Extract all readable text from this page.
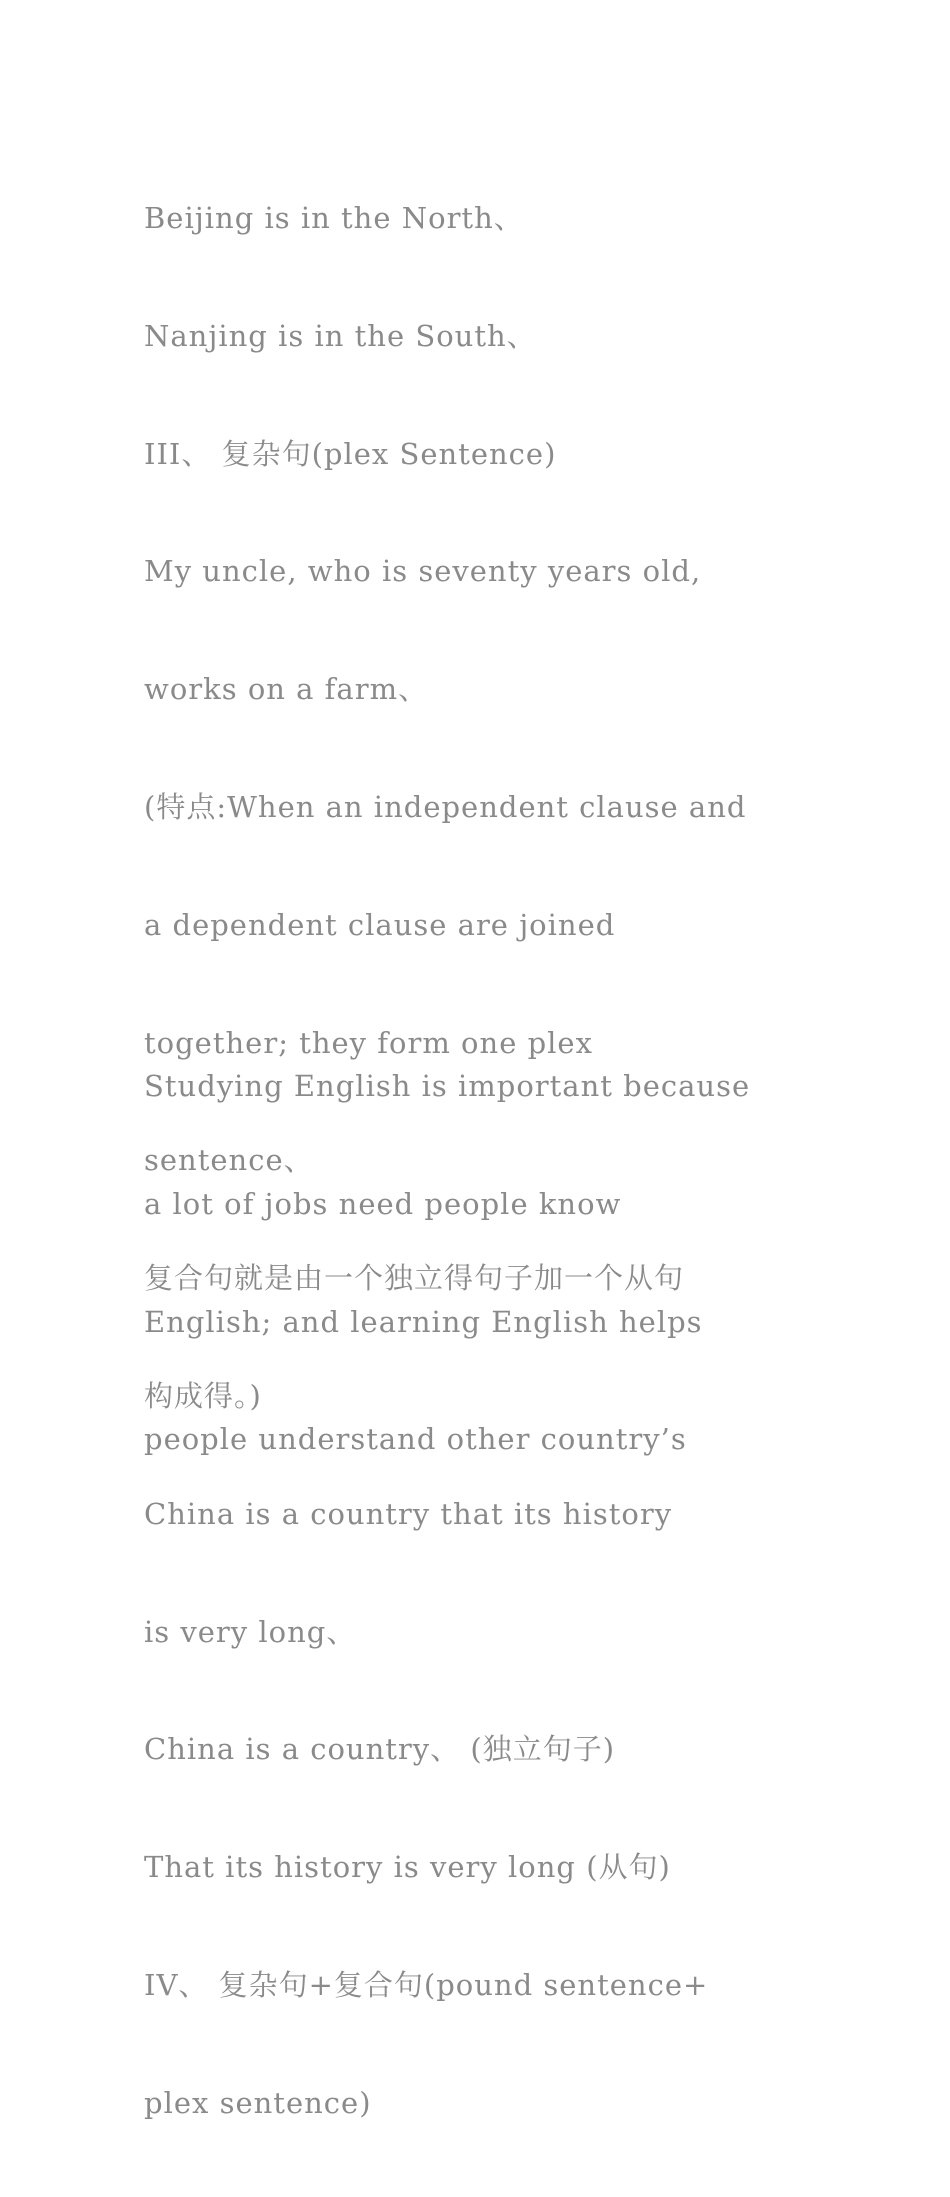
Beijing is in the North、

Nanjing is in the South、

III、 复杂句(plex Sentence)

My uncle, who is seventy years old,

works on a farm、

(特点:When an independent clause and

a dependent clause are joined

together; they form one plex

sentence、

复合句就是由一个独立得句子加一个从句

构成得。)

China is a country that its history

is very long、

China is a country、 (独立句子)

That its history is very long (从句)

IV、 复杂句+复合句(pound sentence+

plex sentence)

Studying English is important because

a lot of jobs need people know

English; and learning English helps

people understand other country’s
